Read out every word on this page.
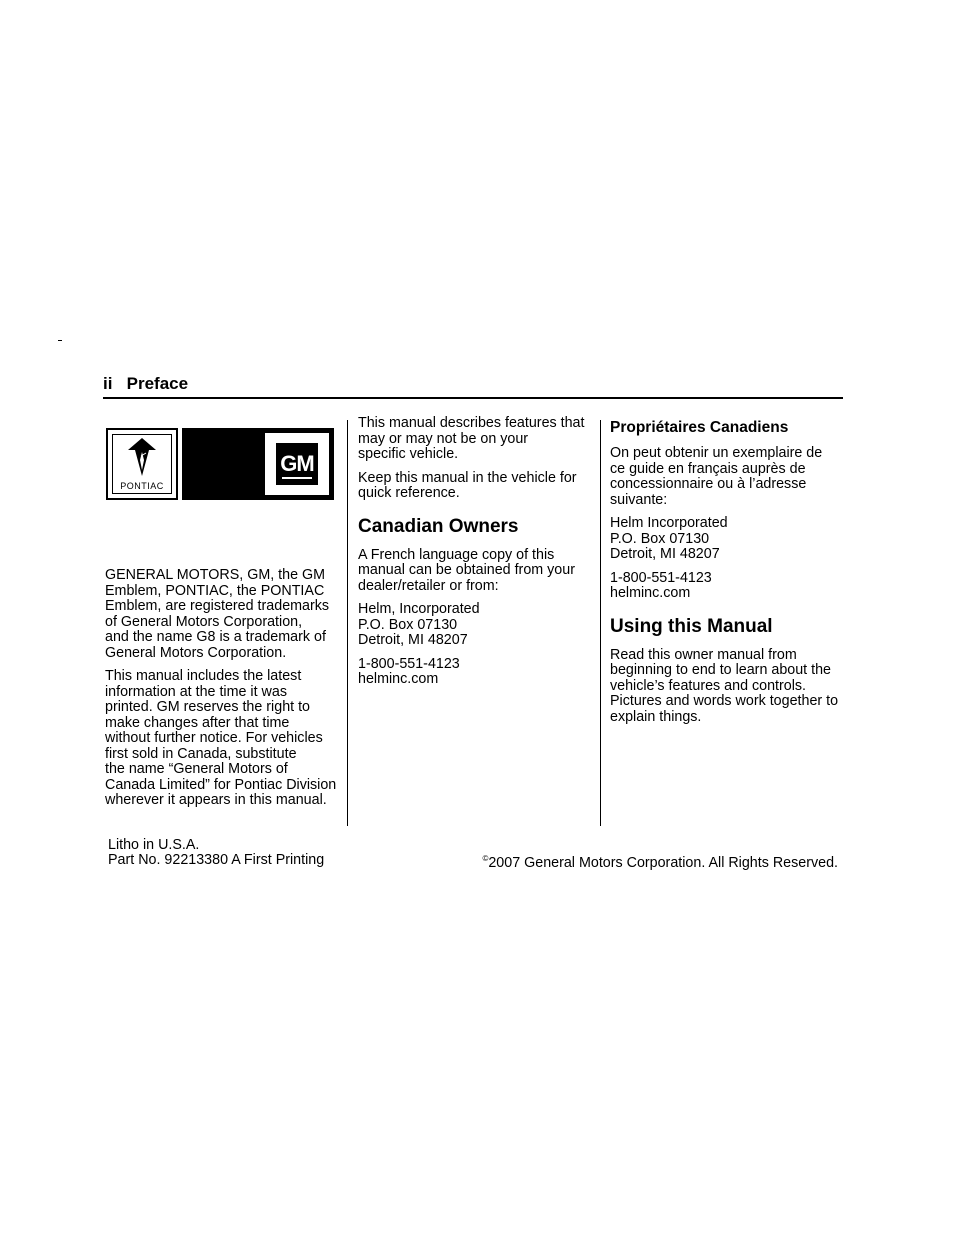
ii Preface
PONTIAC
GM

GENERAL MOTORS, GM, the GM
Emblem, PONTIAC, the PONTIAC
Emblem, are registered trademarks
of General Motors Corporation,
and the name G8 is a trademark of
General Motors Corporation.

This manual includes the latest
information at the time it was
printed. GM reserves the right to
make changes after that time
without further notice. For vehicles
first sold in Canada, substitute
the name “General Motors of
Canada Limited” for Pontiac Division
wherever it appears in this manual.

This manual describes features that
may or may not be on your
specific vehicle.

Keep this manual in the vehicle for
quick reference.

Canadian Owners

A French language copy of this
manual can be obtained from your
dealer/retailer or from:

Helm, Incorporated
P.O. Box 07130
Detroit, MI 48207

1-800-551-4123
helminc.com

Propriétaires Canadiens

On peut obtenir un exemplaire de
ce guide en français auprès de
concessionnaire ou à l’adresse
suivante:

Helm Incorporated
P.O. Box 07130
Detroit, MI 48207

1-800-551-4123
helminc.com

Using this Manual

Read this owner manual from
beginning to end to learn about the
vehicle’s features and controls.
Pictures and words work together to
explain things.

Litho in U.S.A.
Part No. 92213380 A First Printing	©2007 General Motors Corporation. All Rights Reserved.
